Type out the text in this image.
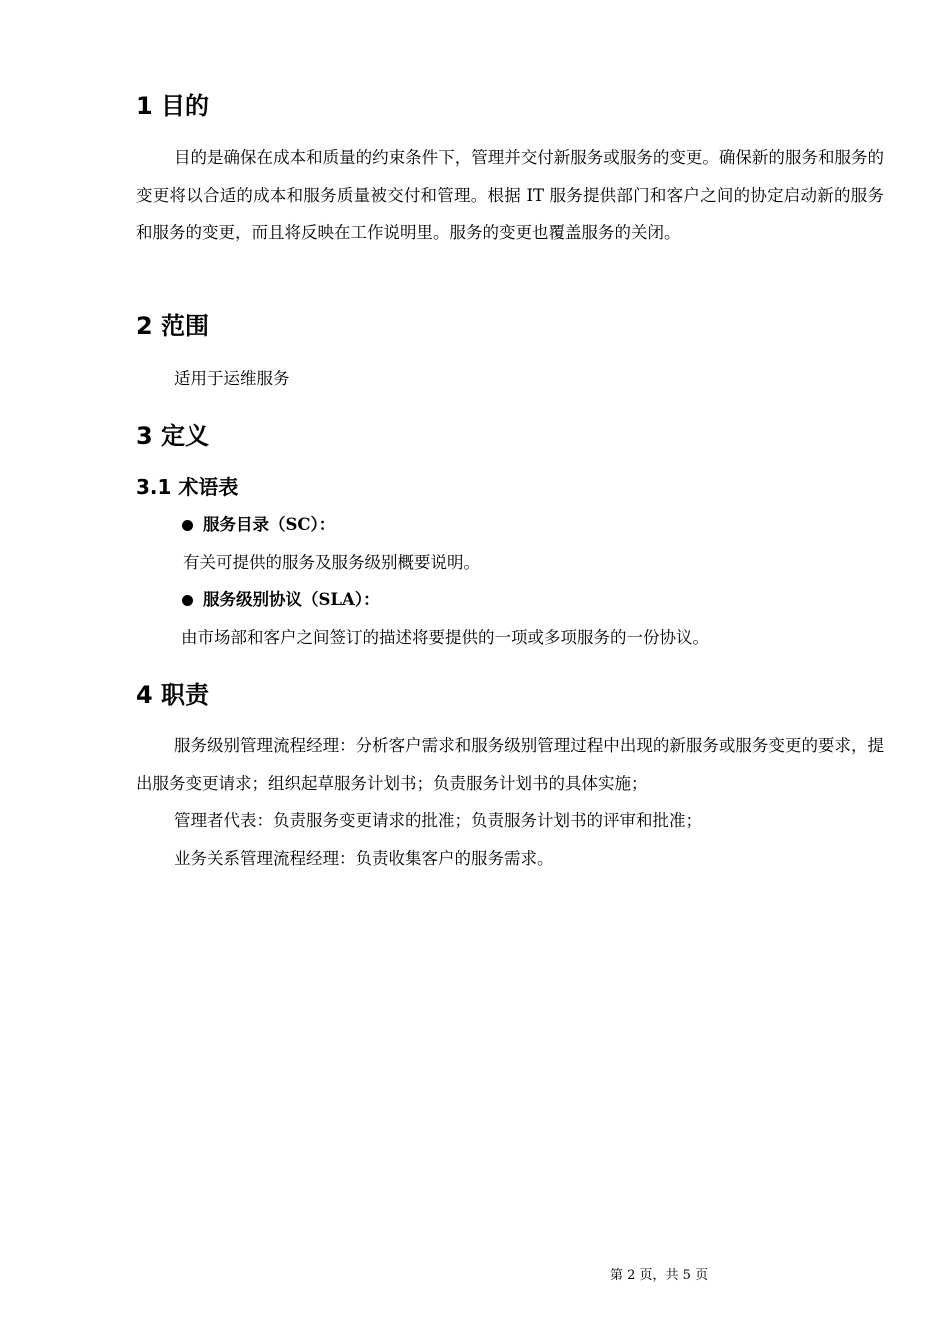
1 目的

目的是确保在成本和质量的约束条件下，管理并交付新服务或服务的变更。确保新的服务和服务的变更将以合适的成本和服务质量被交付和管理。根据 IT 服务提供部门和客户之间的协定启动新的服务和服务的变更，而且将反映在工作说明里。服务的变更也覆盖服务的关闭。

2 范围

适用于运维服务

3 定义
3.1 术语表
服务目录（SC）：

有关可提供的服务及服务级别概要说明。

服务级别协议（SLA）：

由市场部和客户之间签订的描述将要提供的一项或多项服务的一份协议。

4 职责

服务级别管理流程经理：分析客户需求和服务级别管理过程中出现的新服务或服务变更的要求，提出服务变更请求；组织起草服务计划书；负责服务计划书的具体实施；

管理者代表：负责服务变更请求的批准；负责服务计划书的评审和批准；

业务关系管理流程经理：负责收集客户的服务需求。

第 2 页，共 5 页
